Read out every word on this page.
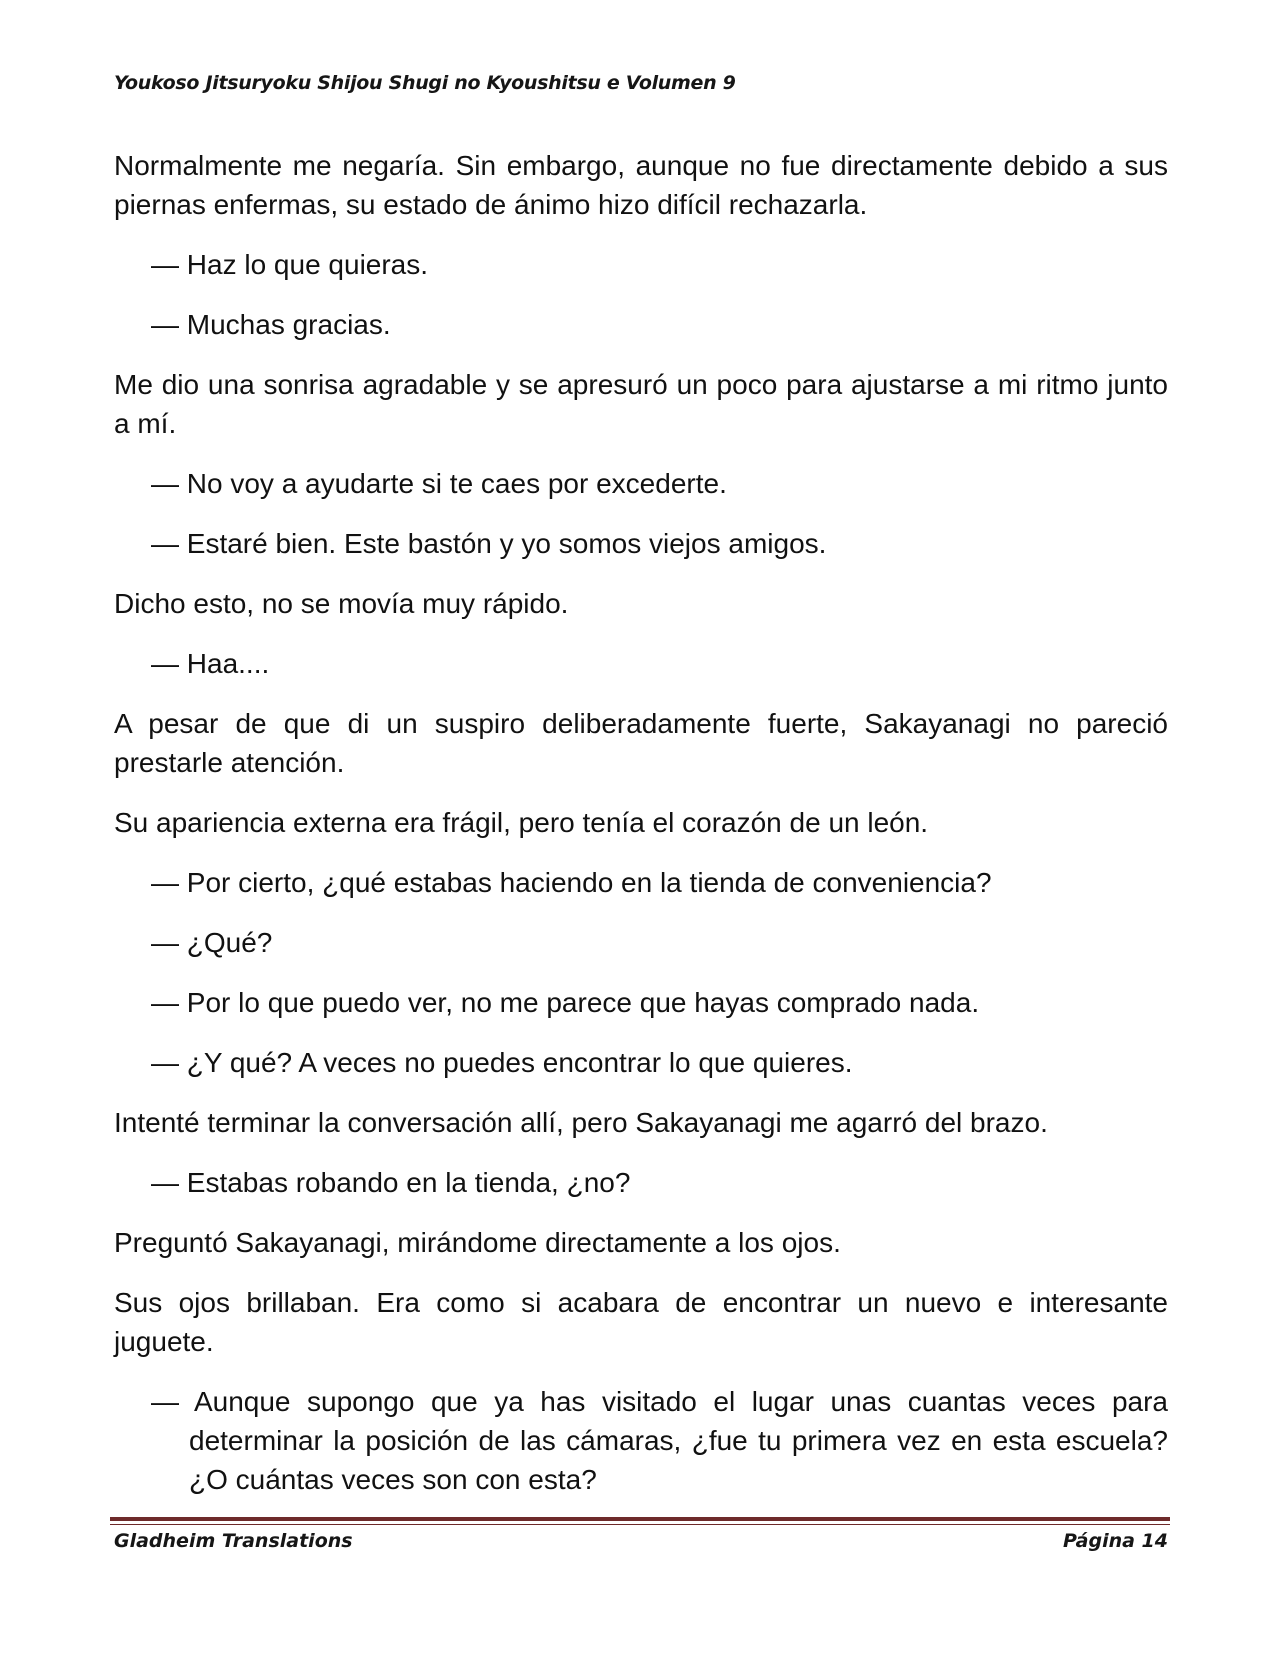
Youkoso Jitsuryoku Shijou Shugi no Kyoushitsu e Volumen 9

Normalmente me negaría. Sin embargo, aunque no fue directamente debido a sus piernas enfermas, su estado de ánimo hizo difícil rechazarla.

— Haz lo que quieras.

— Muchas gracias.

Me dio una sonrisa agradable y se apresuró un poco para ajustarse a mi ritmo junto a mí.

— No voy a ayudarte si te caes por excederte.

— Estaré bien. Este bastón y yo somos viejos amigos.

Dicho esto, no se movía muy rápido.

— Haa....

A pesar de que di un suspiro deliberadamente fuerte, Sakayanagi no pareció prestarle atención.

Su apariencia externa era frágil, pero tenía el corazón de un león.

— Por cierto, ¿qué estabas haciendo en la tienda de conveniencia?

— ¿Qué?

— Por lo que puedo ver, no me parece que hayas comprado nada.

— ¿Y qué? A veces no puedes encontrar lo que quieres.

Intenté terminar la conversación allí, pero Sakayanagi me agarró del brazo.

— Estabas robando en la tienda, ¿no?

Preguntó Sakayanagi, mirándome directamente a los ojos.

Sus ojos brillaban. Era como si acabara de encontrar un nuevo e interesante juguete.

— Aunque supongo que ya has visitado el lugar unas cuantas veces para determinar la posición de las cámaras, ¿fue tu primera vez en esta escuela? ¿O cuántas veces son con esta?

Gladheim Translations	Página 14
